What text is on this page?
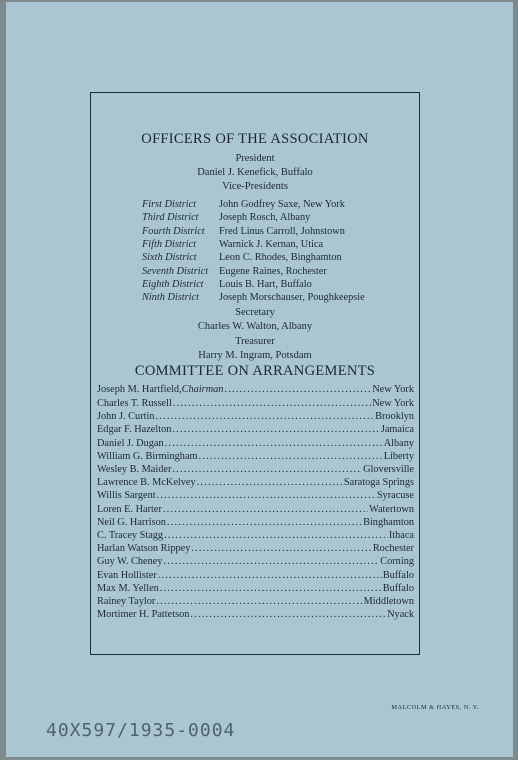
OFFICERS OF THE ASSOCIATION
President
Daniel J. Kenefick, Buffalo
Vice-Presidents
First District John Godfrey Saxe, New York
Third District Joseph Rosch, Albany
Fourth District Fred Linus Carroll, Johnstown
Fifth District Warnick J. Kernan, Utica
Sixth District Leon C. Rhodes, Binghamton
Seventh District Eugene Raines, Rochester
Eighth District Louis B. Hart, Buffalo
Ninth District Joseph Morschauser, Poughkeepsie
Secretary
Charles W. Walton, Albany
Treasurer
Harry M. Ingram, Potsdam
COMMITTEE ON ARRANGEMENTS
Joseph M. Hartfield, Chairman .....	New York
Charles T. Russell .....	New York
John J. Curtin .....	Brooklyn
Edgar F. Hazelton .....	Jamaica
Daniel J. Dugan .....	Albany
William G. Birmingham .....	Liberty
Wesley B. Maider .....	Gloversville
Lawrence B. McKelvey .....	Saratoga Springs
Willis Sargent .....	Syracuse
Loren E. Harter .....	Watertown
Neil G. Harrison .....	Binghamton
C. Tracey Stagg .....	Ithaca
Harlan Watson Rippey .....	Rochester
Guy W. Cheney .....	Corning
Evan Hollister .....	Buffalo
Max M. Yellen .....	Buffalo
Rainey Taylor .....	Middletown
Mortimer H. Pattetson .....	Nyack
MALCOLM & HAYES, N. Y.
40X597/1935-0004
